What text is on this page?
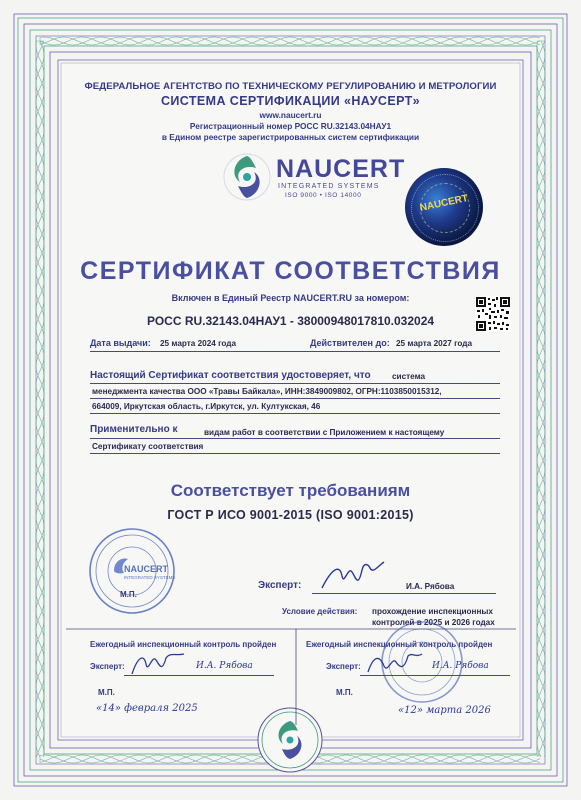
ФЕДЕРАЛЬНОЕ АГЕНТСТВО ПО ТЕХНИЧЕСКОМУ РЕГУЛИРОВАНИЮ И МЕТРОЛОГИИ
СИСТЕМА СЕРТИФИКАЦИИ «НАУСЕРТ»
www.naucert.ru
Регистрационный номер РОСС RU.32143.04НАУ1
в Едином реестре зарегистрированных систем сертификации
NAUCERT
INTEGRATED SYSTEMS
ISO 9000 • ISO 14000	NAUCERT
СЕРТИФИКАТ СООТВЕТСТВИЯ
Включен в Единый Реестр NAUCERT.RU за номером:
РОСС RU.32143.04НАУ1 - 38000948017810.032024
Дата выдачи: 25 марта 2024 года	Действителен до: 25 марта 2027 года
Настоящий Сертификат соответствия удостоверяет, что	система
менеджмента качества ООО «Травы Байкала», ИНН:3849009802, ОГРН:1103850015312,
664009, Иркутская область, г.Иркутск, ул. Култукская, 46
Применительно к	видам работ в соответствии с Приложением к настоящему
Сертификату соответствия
Соответствует требованиям
ГОСТ Р ИСО 9001-2015 (ISO 9001:2015)
NAUCERT
INTEGRATED SYSTEMS
М.П.
Эксперт:	И.А. Рябова
Условие действия: прохождение инспекционных
контролей в 2025 и 2026 годах
Ежегодный инспекционный контроль пройден
Эксперт:	И.А. Рябова
М.П.
«14» февраля 2025
Ежегодный инспекционный контроль пройден
Эксперт:	И.А. Рябова
М.П.
«12» марта 2026
